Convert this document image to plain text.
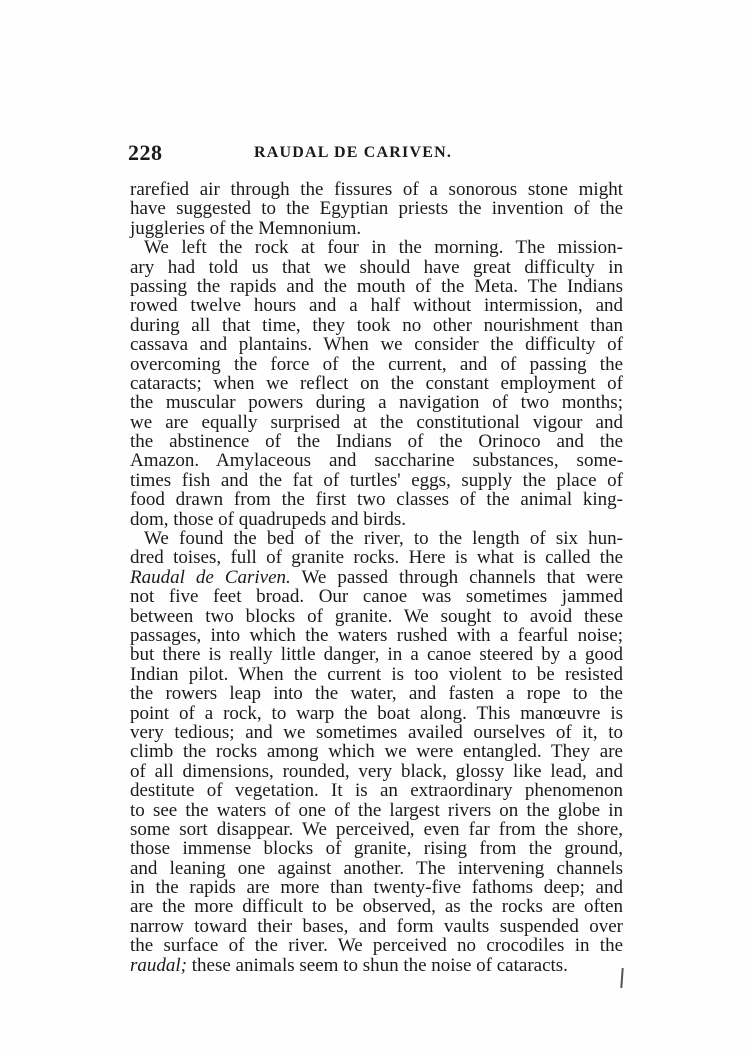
228	RAUDAL DE CARIVEN.
rarefied air through the fissures of a sonorous stone might
have suggested to the Egyptian priests the invention of the
juggleries of the Memnonium.
We left the rock at four in the morning. The mission-
ary had told us that we should have great difficulty in
passing the rapids and the mouth of the Meta. The Indians
rowed twelve hours and a half without intermission, and
during all that time, they took no other nourishment than
cassava and plantains. When we consider the difficulty of
overcoming the force of the current, and of passing the
cataracts; when we reflect on the constant employment of
the muscular powers during a navigation of two months;
we are equally surprised at the constitutional vigour and
the abstinence of the Indians of the Orinoco and the
Amazon. Amylaceous and saccharine substances, some-
times fish and the fat of turtles' eggs, supply the place of
food drawn from the first two classes of the animal king-
dom, those of quadrupeds and birds.
We found the bed of the river, to the length of six hun-
dred toises, full of granite rocks. Here is what is called the
Raudal de Cariven. We passed through channels that were
not five feet broad. Our canoe was sometimes jammed
between two blocks of granite. We sought to avoid these
passages, into which the waters rushed with a fearful noise;
but there is really little danger, in a canoe steered by a good
Indian pilot. When the current is too violent to be resisted
the rowers leap into the water, and fasten a rope to the
point of a rock, to warp the boat along. This manœuvre is
very tedious; and we sometimes availed ourselves of it, to
climb the rocks among which we were entangled. They are
of all dimensions, rounded, very black, glossy like lead, and
destitute of vegetation. It is an extraordinary phenomenon
to see the waters of one of the largest rivers on the globe in
some sort disappear. We perceived, even far from the shore,
those immense blocks of granite, rising from the ground,
and leaning one against another. The intervening channels
in the rapids are more than twenty-five fathoms deep; and
are the more difficult to be observed, as the rocks are often
narrow toward their bases, and form vaults suspended over
the surface of the river. We perceived no crocodiles in the
raudal; these animals seem to shun the noise of cataracts.
